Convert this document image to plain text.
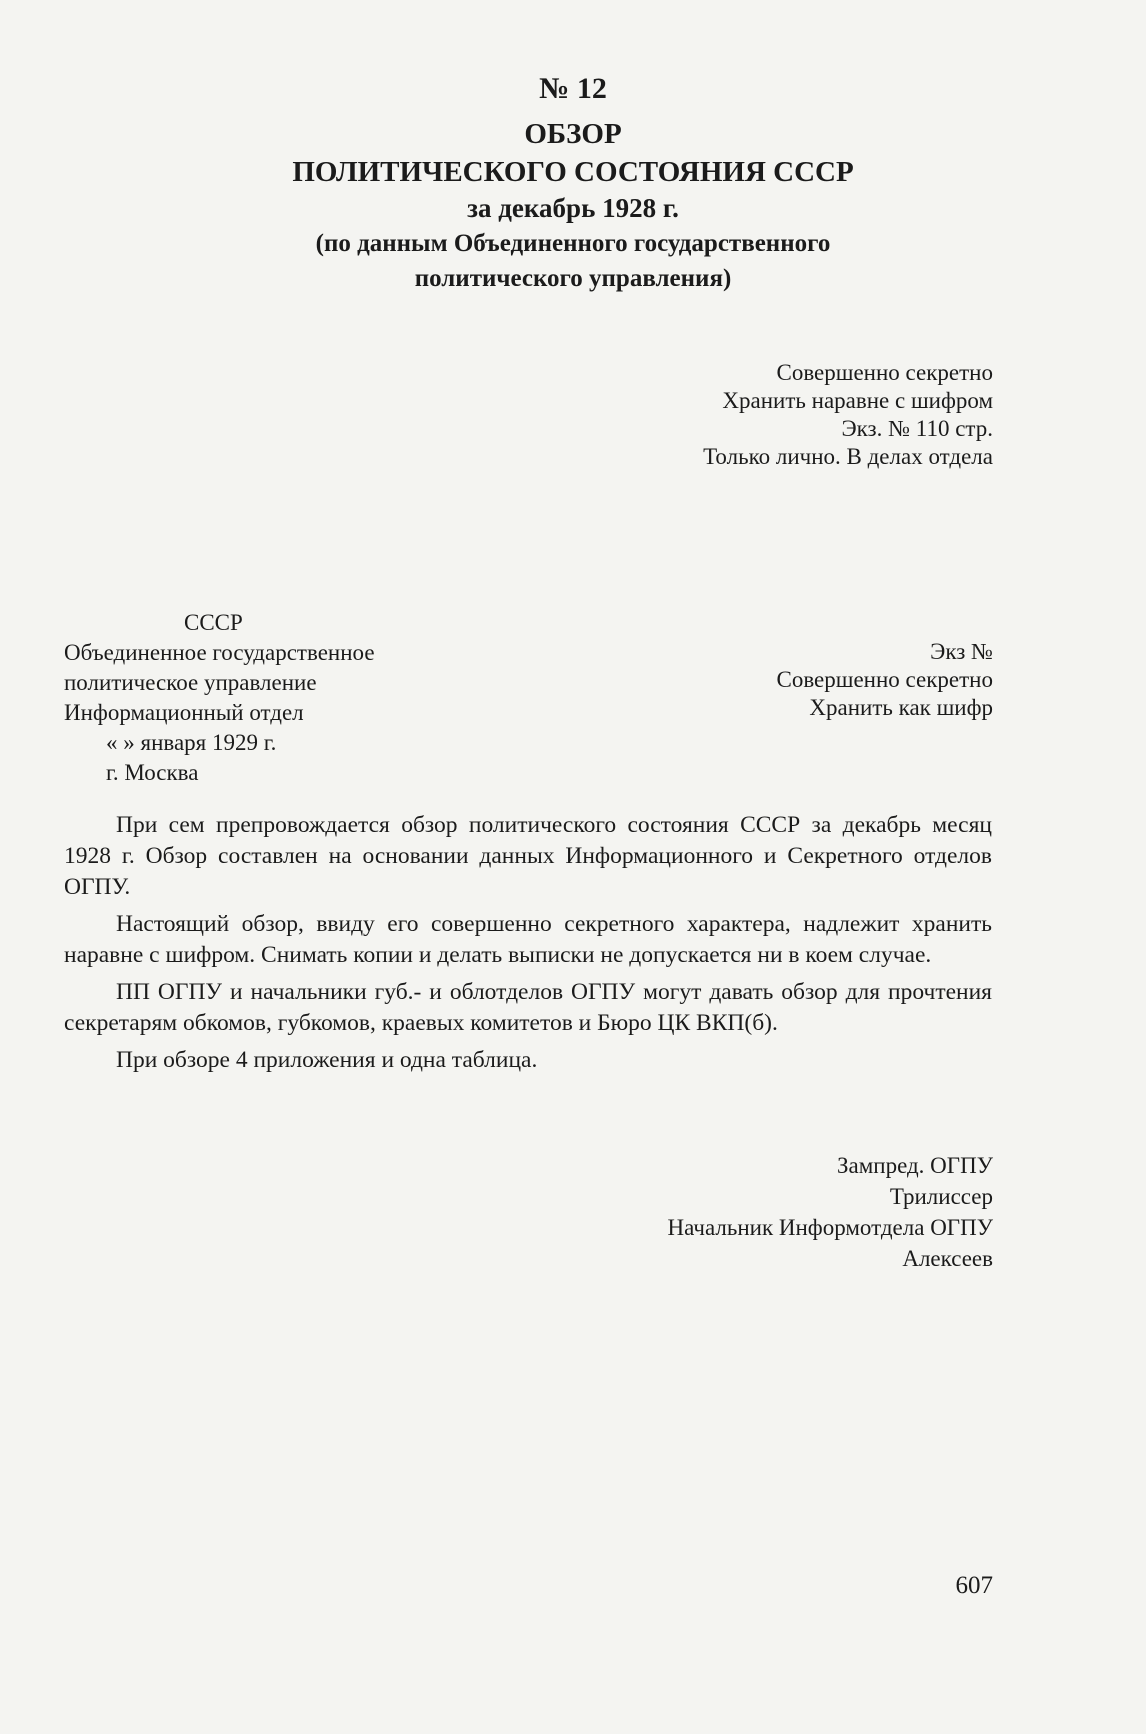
№ 12
ОБЗОР
ПОЛИТИЧЕСКОГО СОСТОЯНИЯ СССР
за декабрь 1928 г.
(по данным Объединенного государственного
политического управления)
Совершенно секретно
Хранить наравне с шифром
Экз. № 110 стр.
Только лично. В делах отдела
СССР
Объединенное государственное
политическое управление
Информационный отдел
« » января 1929 г.
г. Москва
Экз №
Совершенно секретно
Хранить как шифр

При сем препровождается обзор политического состояния СССР за декабрь месяц 1928 г. Обзор составлен на основании данных Информационного и Секретного отделов ОГПУ.

Настоящий обзор, ввиду его совершенно секретного характера, надлежит хранить наравне с шифром. Снимать копии и делать выписки не допускается ни в коем случае.

ПП ОГПУ и начальники губ.- и облотделов ОГПУ могут давать обзор для прочтения секретарям обкомов, губкомов, краевых комитетов и Бюро ЦК ВКП(б).

При обзоре 4 приложения и одна таблица.

Зампред. ОГПУ
Трилиссер
Начальник Информотдела ОГПУ
Алексеев
607
